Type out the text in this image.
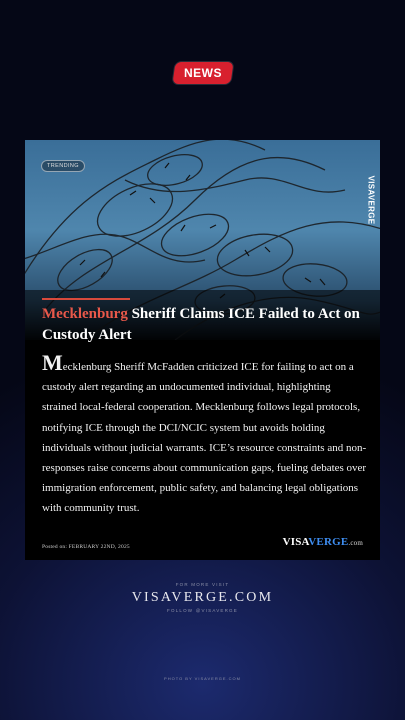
NEWS
TRENDING
VISAVERGE
Mecklenburg Sheriff Claims ICE Failed to Act on Custody Alert

Mecklenburg Sheriff McFadden criticized ICE for failing to act on a custody alert regarding an undocumented individual, highlighting strained local-federal cooperation. Mecklenburg follows legal protocols, notifying ICE through the DCI/NCIC system but avoids holding individuals without judicial warrants. ICE’s resource constraints and non-responses raise concerns about communication gaps, fueling debates over immigration enforcement, public safety, and balancing legal obligations with community trust.

Posted on: FEBRUARY 22ND, 2025	VISAVERGE.com
FOR MORE VISIT
VISAVERGE.COM
FOLLOW @VISAVERGE
PHOTO BY VISAVERGE.COM
